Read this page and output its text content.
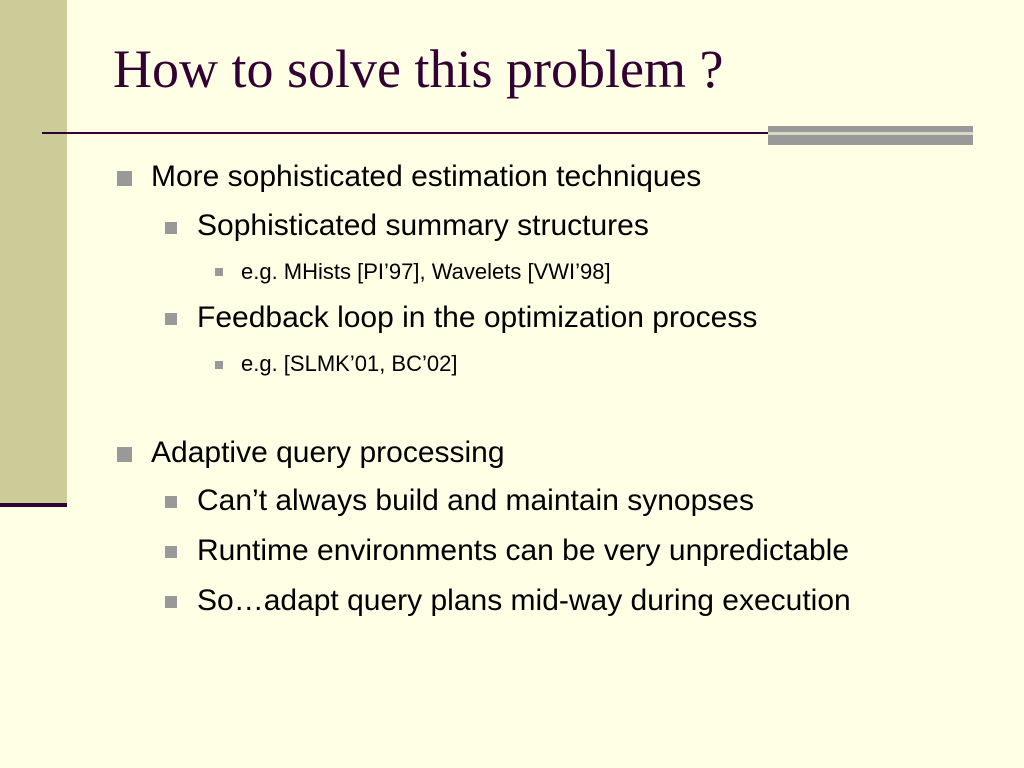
How to solve this problem ?
More sophisticated estimation techniques
Sophisticated summary structures
e.g. MHists [PI’97], Wavelets [VWI’98]
Feedback loop in the optimization process
e.g. [SLMK’01, BC’02]
Adaptive query processing
Can’t always build and maintain synopses
Runtime environments can be very unpredictable
So…adapt query plans mid-way during execution
